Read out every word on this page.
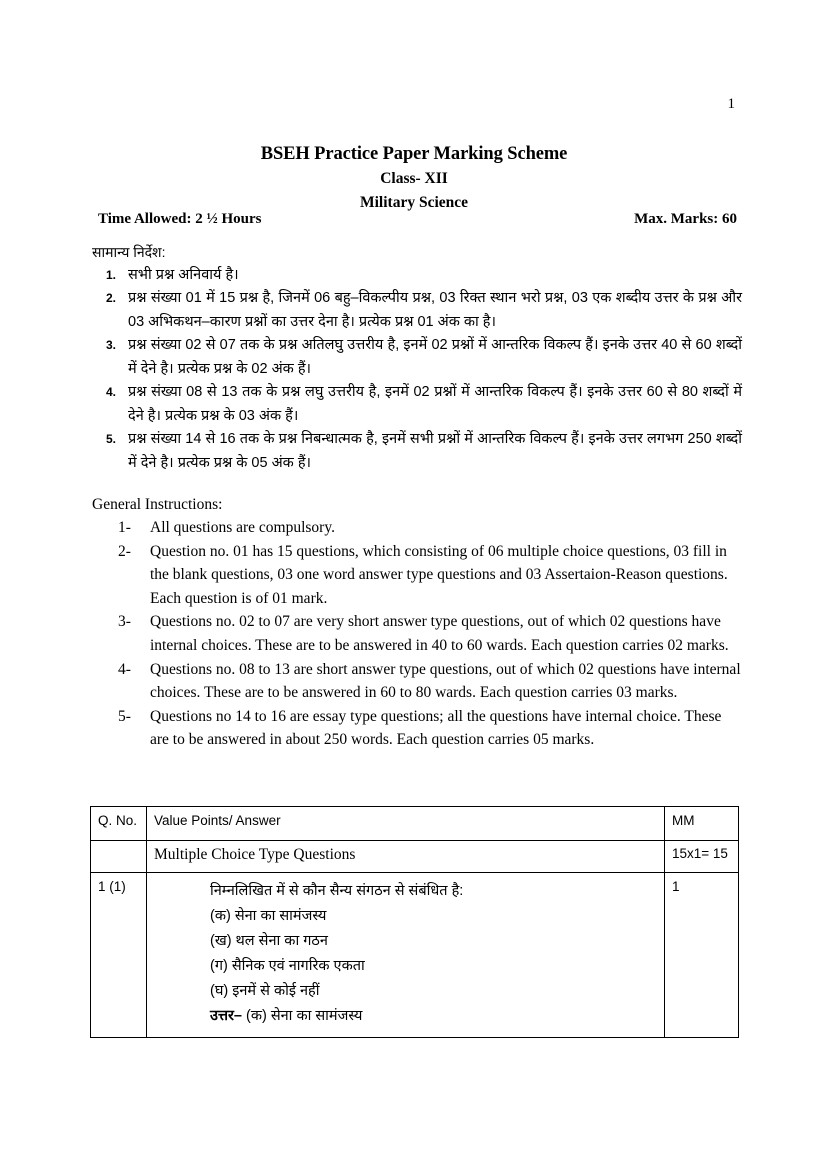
1
BSEH Practice Paper Marking Scheme
Class- XII
Military Science
Time Allowed: 2 ½ Hours	Max. Marks: 60
सामान्य निर्देश:
1. सभी प्रश्न अनिवार्य है।
2. प्रश्न संख्या 01 में 15 प्रश्न है, जिनमें 06 बहु–विकल्पीय प्रश्न, 03 रिक्त स्थान भरो प्रश्न, 03 एक शब्दीय उत्तर के प्रश्न और 03 अभिकथन–कारण प्रश्नों का उत्तर देना है। प्रत्येक प्रश्न 01 अंक का है।
3. प्रश्न संख्या 02 से 07 तक के प्रश्न अतिलघु उत्तरीय है, इनमें 02 प्रश्नों में आन्तरिक विकल्प हैं। इनके उत्तर 40 से 60 शब्दों में देने है। प्रत्येक प्रश्न के 02 अंक हैं।
4. प्रश्न संख्या 08 से 13 तक के प्रश्न लघु उत्तरीय है, इनमें 02 प्रश्नों में आन्तरिक विकल्प हैं। इनके उत्तर 60 से 80 शब्दों में देने है। प्रत्येक प्रश्न के 03 अंक हैं।
5. प्रश्न संख्या 14 से 16 तक के प्रश्न निबन्धात्मक है, इनमें सभी प्रश्नों में आन्तरिक विकल्प हैं। इनके उत्तर लगभग 250 शब्दों में देने है। प्रत्येक प्रश्न के 05 अंक हैं।
General Instructions:
1- All questions are compulsory.
2- Question no. 01 has 15 questions, which consisting of 06 multiple choice questions, 03 fill in the blank questions, 03 one word answer type questions and 03 Assertaion-Reason questions. Each question is of 01 mark.
3- Questions no. 02 to 07 are very short answer type questions, out of which 02 questions have internal choices. These are to be answered in 40 to 60 wards. Each question carries 02 marks.
4- Questions no. 08 to 13 are short answer type questions, out of which 02 questions have internal choices. These are to be answered in 60 to 80 wards. Each question carries 03 marks.
5- Questions no 14 to 16 are essay type questions; all the questions have internal choice. These are to be answered in about 250 words. Each question carries 05 marks.
Q. No.	Value Points/ Answer	MM
	Multiple Choice Type Questions	15x1= 15
1 (1)	निम्नलिखित में से कौन सैन्य संगठन से संबंधित है:
(क) सेना का सामंजस्य
(ख) थल सेना का गठन
(ग) सैनिक एवं नागरिक एकता
(घ) इनमें से कोई नहीं
उत्तर– (क) सेना का सामंजस्य
	1
